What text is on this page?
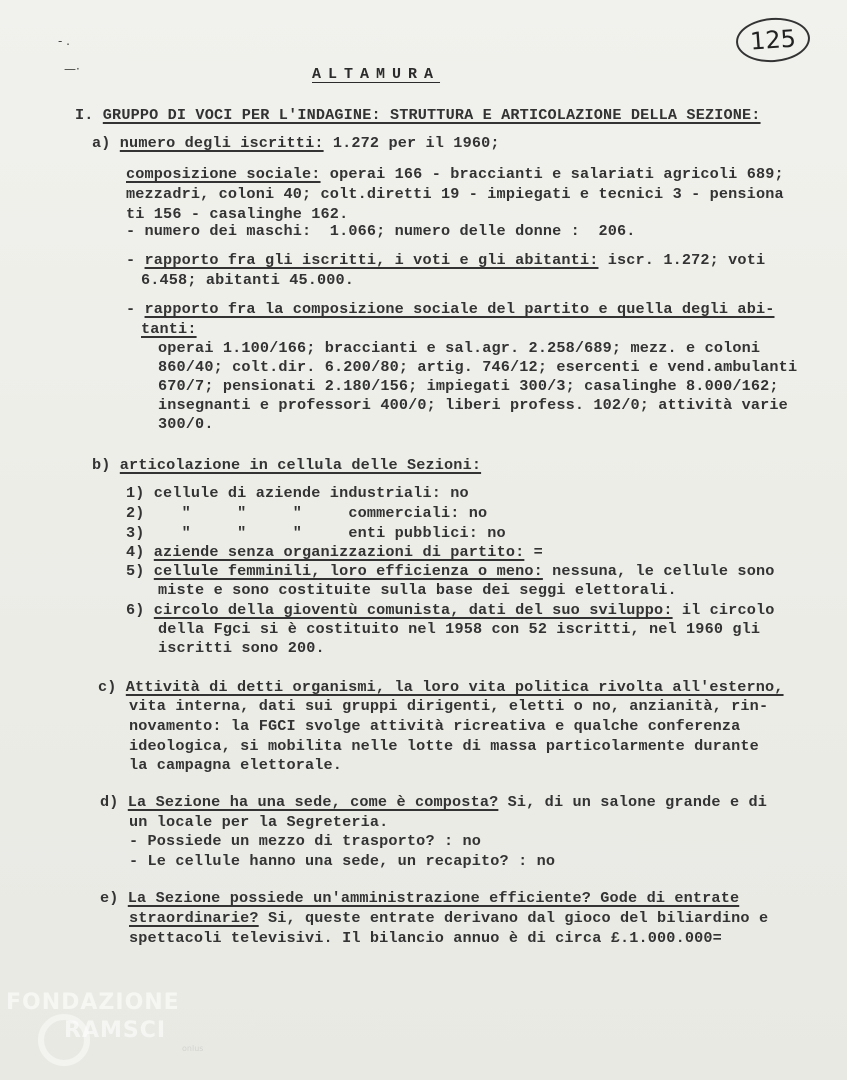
- .
—·
125
ALTAMURA
I. GRUPPO DI VOCI PER L'INDAGINE: STRUTTURA E ARTICOLAZIONE DELLA SEZIONE:
a) numero degli iscritti: 1.272 per il 1960;
composizione sociale: operai 166 - braccianti e salariati agricoli 689;
mezzadri, coloni 40; colt.diretti 19 - impiegati e tecnici 3 - pensiona
ti 156 - casalinghe 162.
- numero dei maschi:  1.066; numero delle donne :  206.
- rapporto fra gli iscritti, i voti e gli abitanti: iscr. 1.272; voti
6.458; abitanti 45.000.
- rapporto fra la composizione sociale del partito e quella degli abi-
tanti:
operai 1.100/166; braccianti e sal.agr. 2.258/689; mezz. e coloni
860/40; colt.dir. 6.200/80; artig. 746/12; esercenti e vend.ambulanti
670/7; pensionati 2.180/156; impiegati 300/3; casalinghe 8.000/162;
insegnanti e professori 400/0; liberi profess. 102/0; attività varie
300/0.
b) articolazione in cellula delle Sezioni:
1) cellule di aziende industriali: no
2)    "     "     "     commerciali: no
3)    "     "     "     enti pubblici: no
4) aziende senza organizzazioni di partito: =
5) cellule femminili, loro efficienza o meno: nessuna, le cellule sono
miste e sono costituite sulla base dei seggi elettorali.
6) circolo della gioventù comunista, dati del suo sviluppo: il circolo
della Fgci si è costituito nel 1958 con 52 iscritti, nel 1960 gli
iscritti sono 200.
c) Attività di detti organismi, la loro vita politica rivolta all'esterno,
vita interna, dati sui gruppi dirigenti, eletti o no, anzianità, rin-
novamento: la FGCI svolge attività ricreativa e qualche conferenza
ideologica, si mobilita nelle lotte di massa particolarmente durante
la campagna elettorale.
d) La Sezione ha una sede, come è composta? Si, di un salone grande e di
un locale per la Segreteria.
- Possiede un mezzo di trasporto? : no
- Le cellule hanno una sede, un recapito? : no
e) La Sezione possiede un'amministrazione efficiente? Gode di entrate
straordinarie? Si, queste entrate derivano dal gioco del biliardino e
spettacoli televisivi. Il bilancio annuo è di circa £.1.000.000=
FONDAZIONE
RAMSCI
onlus
